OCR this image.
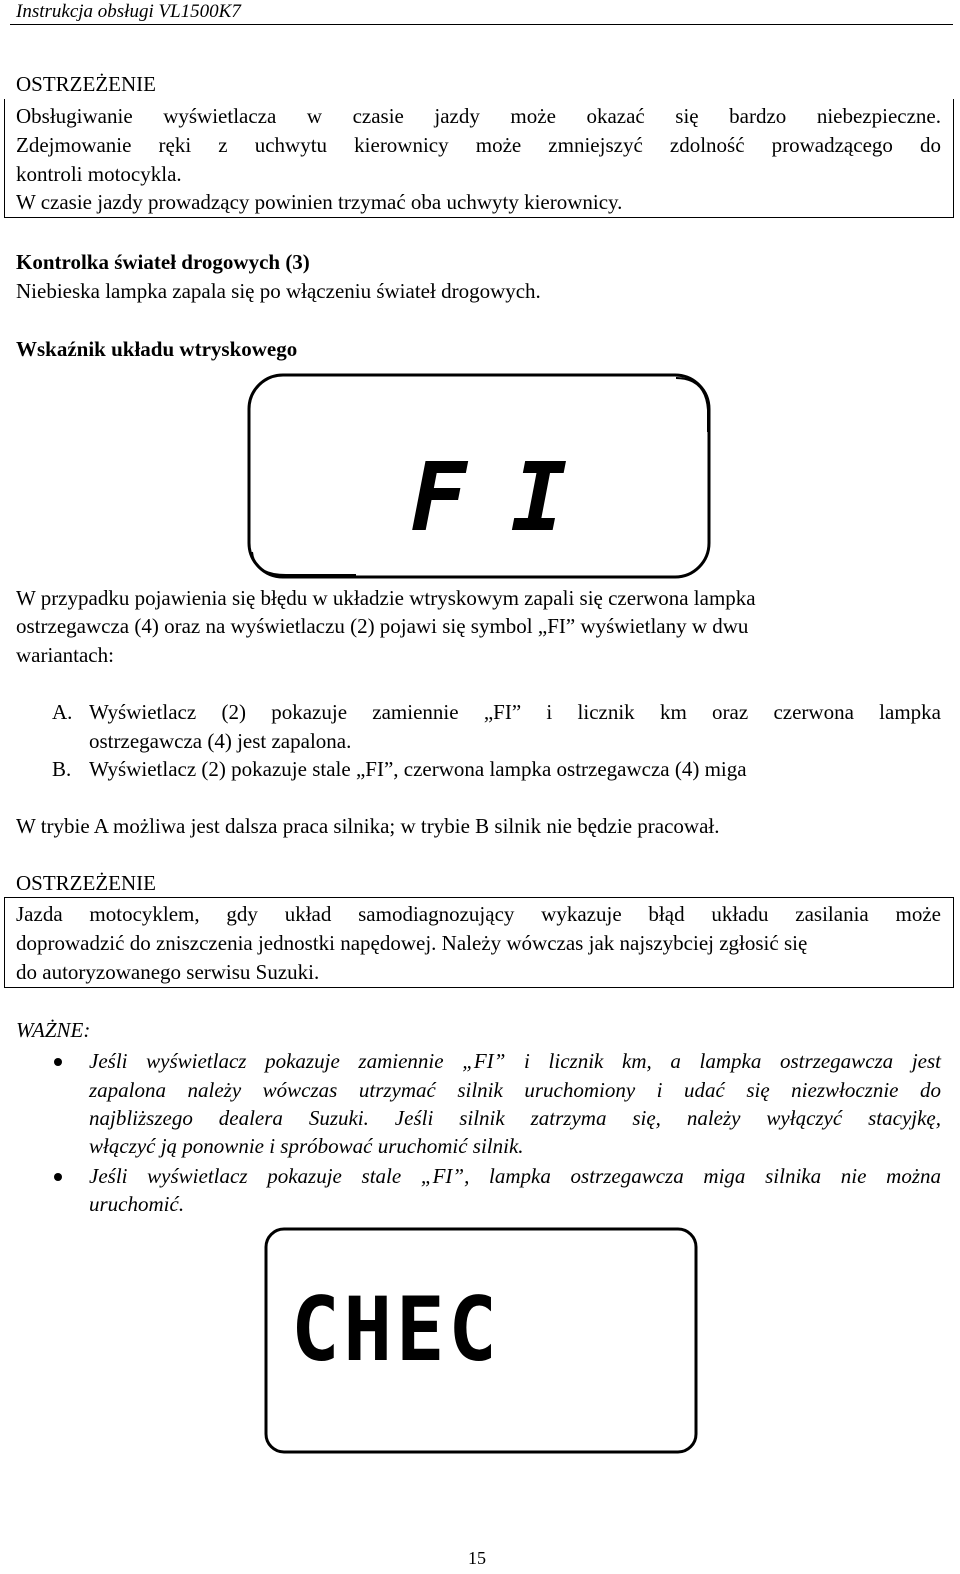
Instrukcja obsługi VL1500K7
OSTRZEŻENIE
Obsługiwanie wyświetlacza w czasie jazdy może okazać się bardzo niebezpieczne.
Zdejmowanie ręki z uchwytu kierownicy może zmniejszyć zdolność prowadzącego do
kontroli motocykla.
W czasie jazdy prowadzący powinien trzymać oba uchwyty kierownicy.
Kontrolka świateł drogowych (3)
Niebieska lampka zapala się po włączeniu świateł drogowych.
Wskaźnik układu wtryskowego
FI
W przypadku pojawienia się błędu w układzie wtryskowym zapali się czerwona lampka
ostrzegawcza (4) oraz na wyświetlaczu (2) pojawi się symbol „FI” wyświetlany w dwu
wariantach:
A. Wyświetlacz (2) pokazuje zamiennie „FI” i licznik km oraz czerwona lampka
ostrzegawcza (4) jest zapalona.
B. Wyświetlacz (2) pokazuje stale „FI”, czerwona lampka ostrzegawcza (4) miga
W trybie A możliwa jest dalsza praca silnika; w trybie B silnik nie będzie pracował.
OSTRZEŻENIE
Jazda motocyklem, gdy układ samodiagnozujący wykazuje błąd układu zasilania może
doprowadzić do zniszczenia jednostki napędowej. Należy wówczas jak najszybciej zgłosić się
do autoryzowanego serwisu Suzuki.
WAŻNE:
Jeśli wyświetlacz pokazuje zamiennie „FI” i licznik km, a lampka ostrzegawcza jest
zapalona należy wówczas utrzymać silnik uruchomiony i udać się niezwłocznie do
najbliższego dealera Suzuki. Jeśli silnik zatrzyma się, należy wyłączyć stacyjkę,
włączyć ją ponownie i spróbować uruchomić silnik.
Jeśli wyświetlacz pokazuje stale „FI”, lampka ostrzegawcza miga silnika nie można
uruchomić.
CHEC
15
